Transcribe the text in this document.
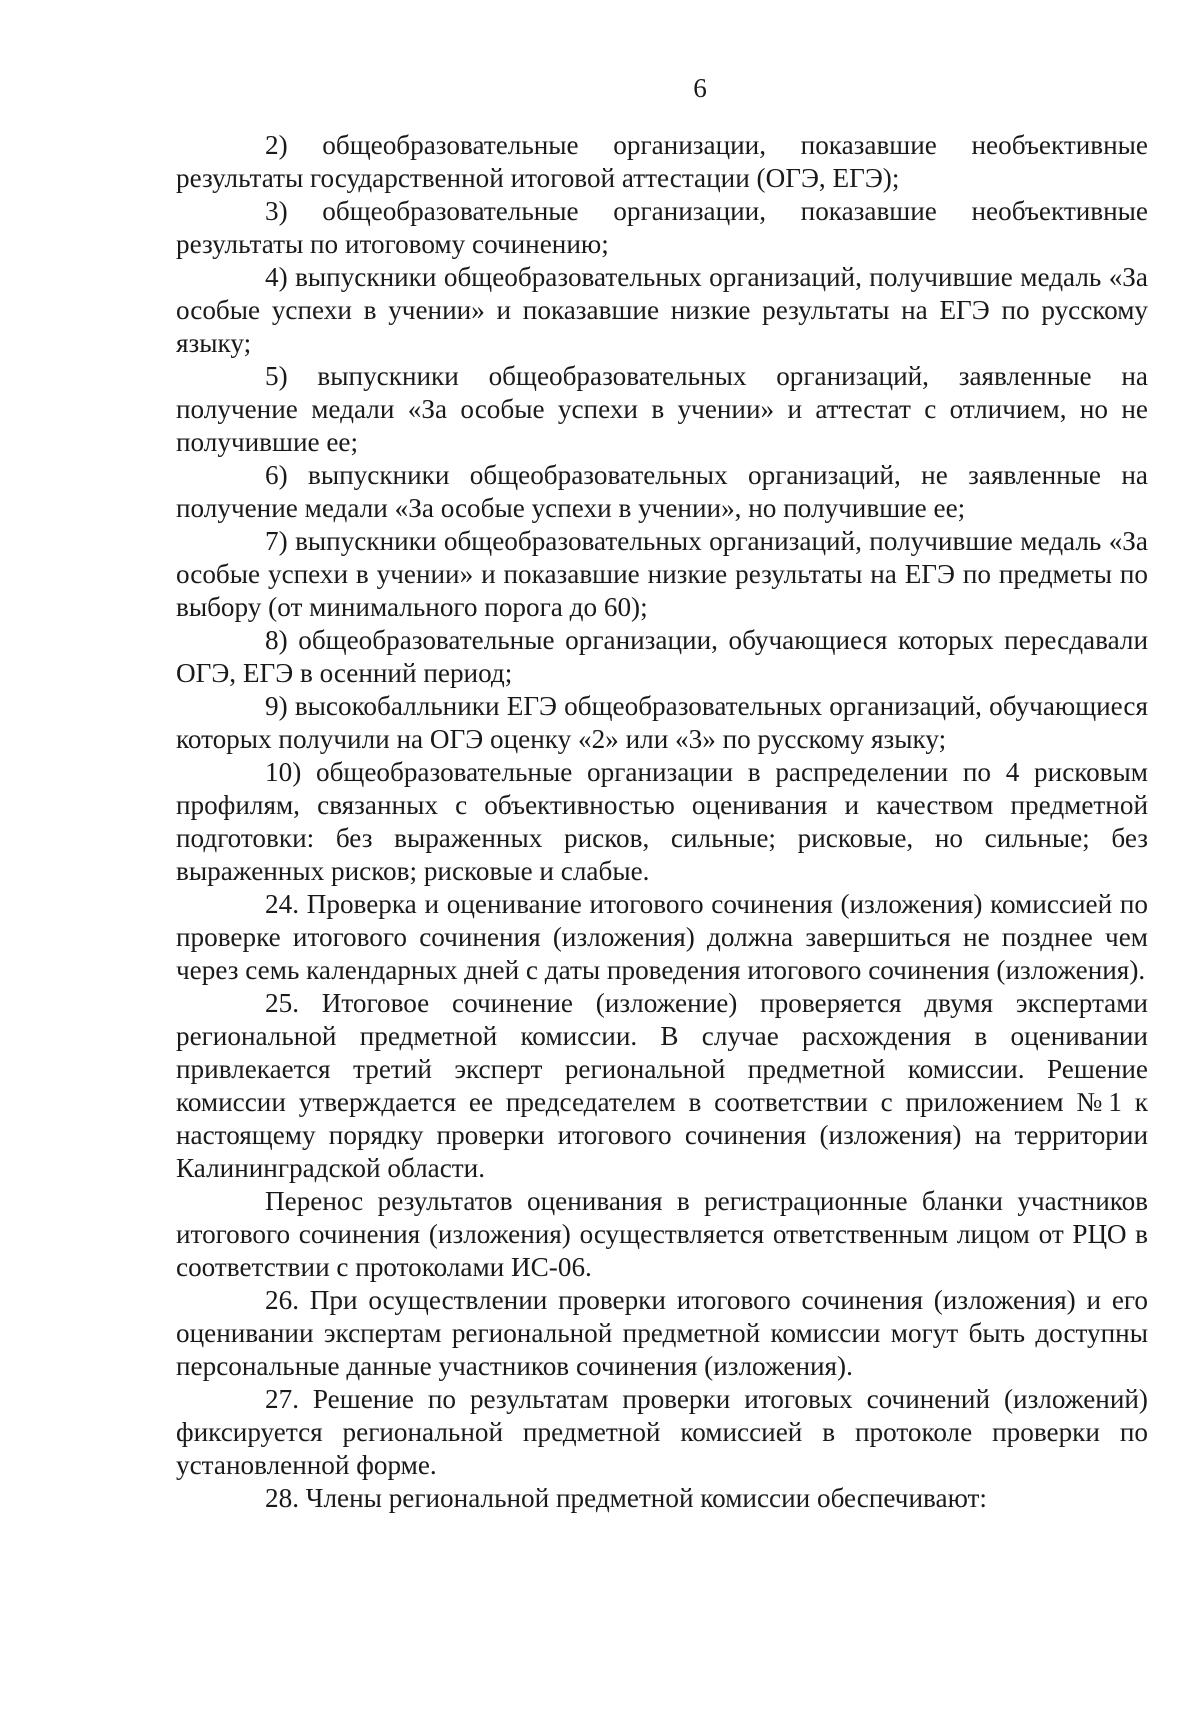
6

2) общеобразовательные организации, показавшие необъективные результаты государственной итоговой аттестации (ОГЭ, ЕГЭ);

3) общеобразовательные организации, показавшие необъективные результаты по итоговому сочинению;

4) выпускники общеобразовательных организаций, получившие медаль «За особые успехи в учении» и показавшие низкие результаты на ЕГЭ по русскому языку;

5) выпускники общеобразовательных организаций, заявленные на получение медали «За особые успехи в учении» и аттестат с отличием, но не получившие ее;

6) выпускники общеобразовательных организаций, не заявленные на получение медали «За особые успехи в учении», но получившие ее;

7) выпускники общеобразовательных организаций, получившие медаль «За особые успехи в учении» и показавшие низкие результаты на ЕГЭ по предметы по выбору (от минимального порога до 60);

8) общеобразовательные организации, обучающиеся которых пересдавали ОГЭ, ЕГЭ в осенний период;

9) высокобалльники ЕГЭ общеобразовательных организаций, обучающиеся которых получили на ОГЭ оценку «2» или «3» по русскому языку;

10) общеобразовательные организации в распределении по 4 рисковым профилям, связанных с объективностью оценивания и качеством предметной подготовки: без выраженных рисков, сильные; рисковые, но сильные; без выраженных рисков; рисковые и слабые.

24. Проверка и оценивание итогового сочинения (изложения) комиссией по проверке итогового сочинения (изложения) должна завершиться не позднее чем через семь календарных дней с даты проведения итогового сочинения (изложения).

25. Итоговое сочинение (изложение) проверяется двумя экспертами региональной предметной комиссии. В случае расхождения в оценивании привлекается третий эксперт региональной предметной комиссии. Решение комиссии утверждается ее председателем в соответствии с приложением №1 к настоящему порядку проверки итогового сочинения (изложения) на территории Калининградской области.

Перенос результатов оценивания в регистрационные бланки участников итогового сочинения (изложения) осуществляется ответственным лицом от РЦО в соответствии с протоколами ИС-06.

26. При осуществлении проверки итогового сочинения (изложения) и его оценивании экспертам региональной предметной комиссии могут быть доступны персональные данные участников сочинения (изложения).

27. Решение по результатам проверки итоговых сочинений (изложений) фиксируется региональной предметной комиссией в протоколе проверки по установленной форме.

28. Члены региональной предметной комиссии обеспечивают:
